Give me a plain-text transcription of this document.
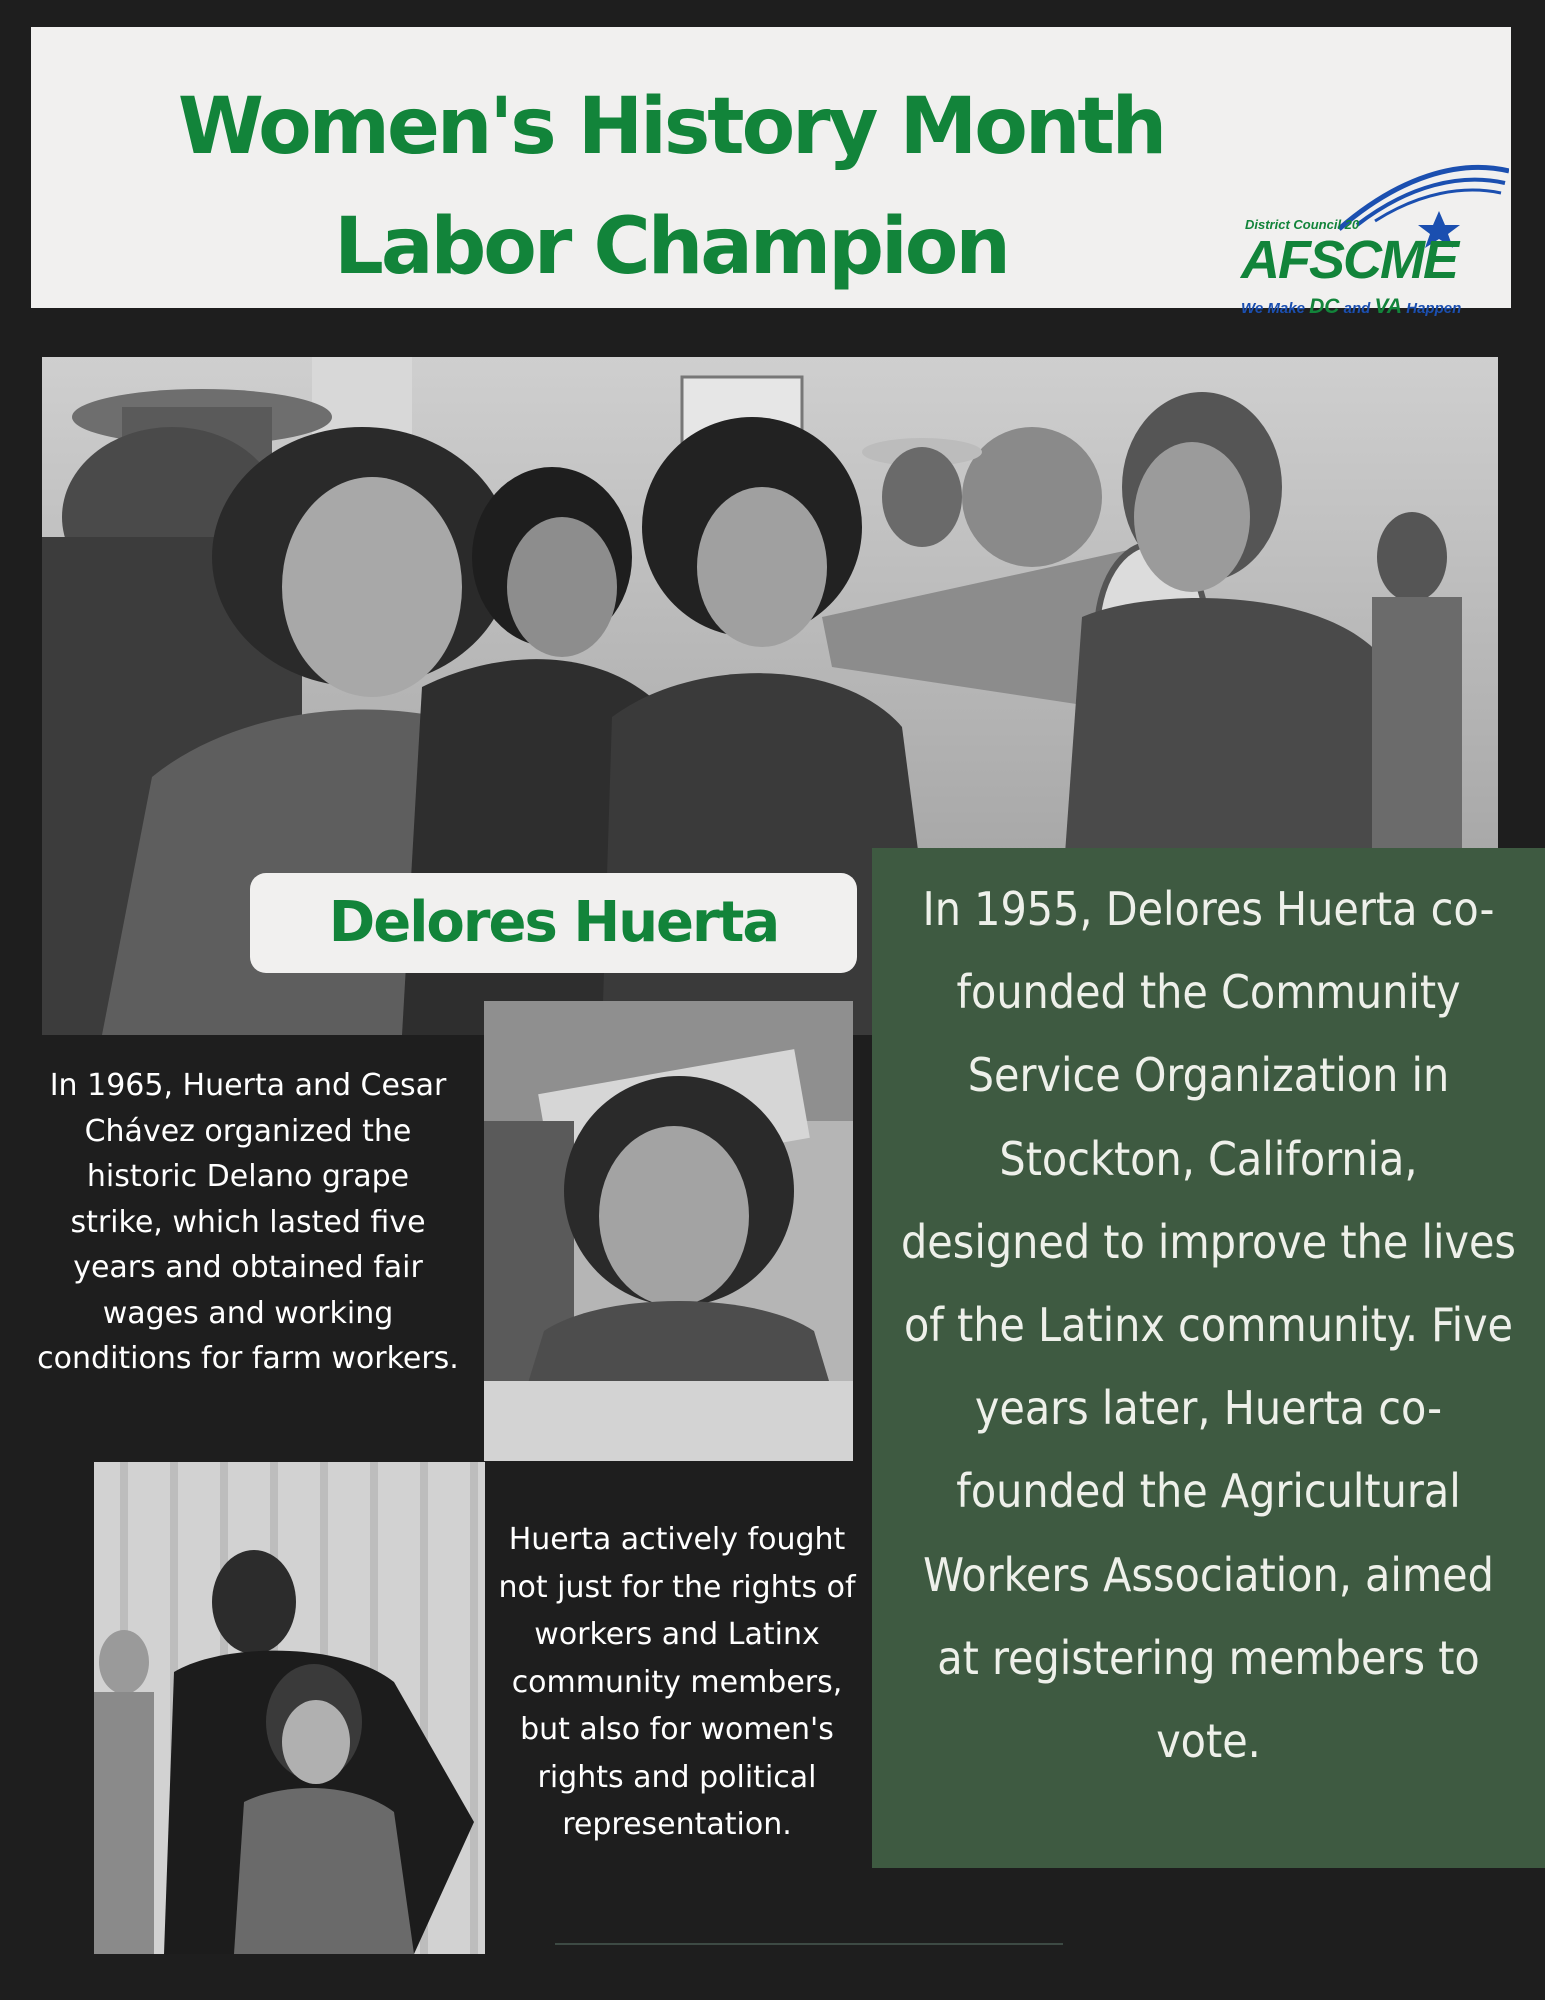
Women's History Month
Labor Champion	District Council 20
AFSCME
We Make DC and VA Happen
Delores Huerta	In 1955, Delores Huerta co-founded the Community Service Organization in Stockton, California, designed to improve the lives of the Latinx community. Five years later, Huerta co-founded the Agricultural Workers Association, aimed at registering members to vote.

In 1965, Huerta and Cesar Chávez organized the historic Delano grape strike, which lasted five years and obtained fair wages and working conditions for farm workers.

Huerta actively fought not just for the rights of workers and Latinx community members, but also for women's rights and political representation.
